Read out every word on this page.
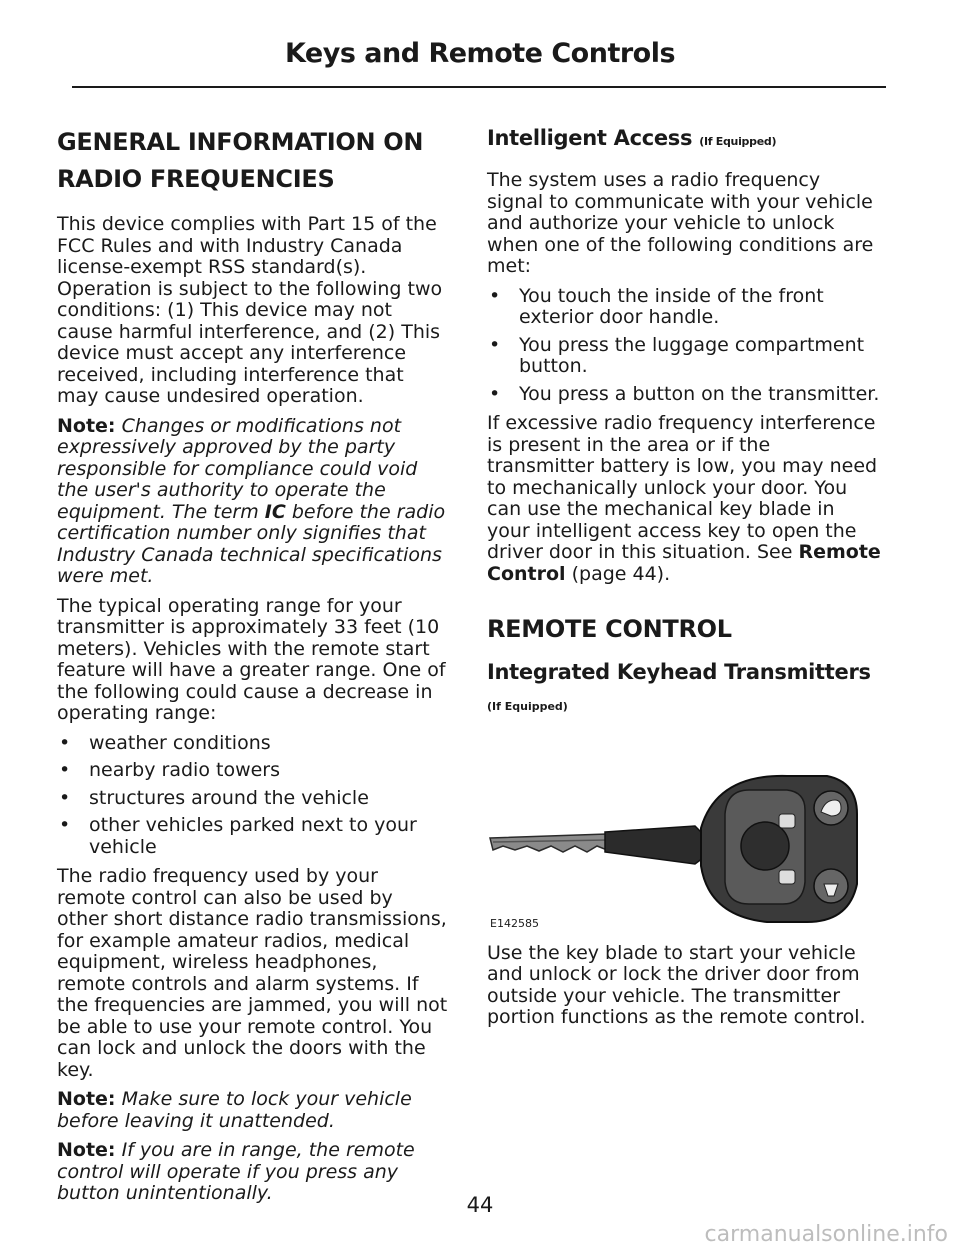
Keys and Remote Controls
GENERAL INFORMATION ON
RADIO FREQUENCIES

This device complies with Part 15 of the FCC Rules and with Industry Canada license-exempt RSS standard(s). Operation is subject to the following two conditions: (1) This device may not cause harmful interference, and (2) This device must accept any interference received, including interference that may cause undesired operation.

Note: Changes or modifications not expressively approved by the party responsible for compliance could void the user's authority to operate the equipment. The term IC before the radio certification number only signifies that Industry Canada technical specifications were met.

The typical operating range for your transmitter is approximately 33 feet (10 meters). Vehicles with the remote start feature will have a greater range. One of the following could cause a decrease in operating range:

• weather conditions
• nearby radio towers
• structures around the vehicle
• other vehicles parked next to your vehicle

The radio frequency used by your remote control can also be used by other short distance radio transmissions, for example amateur radios, medical equipment, wireless headphones, remote controls and alarm systems. If the frequencies are jammed, you will not be able to use your remote control. You can lock and unlock the doors with the key.

Note: Make sure to lock your vehicle before leaving it unattended.

Note: If you are in range, the remote control will operate if you press any button unintentionally.

Intelligent Access (If Equipped)

The system uses a radio frequency signal to communicate with your vehicle and authorize your vehicle to unlock when one of the following conditions are met:

• You touch the inside of the front exterior door handle.
• You press the luggage compartment button.
• You press a button on the transmitter.

If excessive radio frequency interference is present in the area or if the transmitter battery is low, you may need to mechanically unlock your door. You can use the mechanical key blade in your intelligent access key to open the driver door in this situation. See Remote Control (page 44).

REMOTE CONTROL
Integrated Keyhead Transmitters
(If Equipped)
E142585

Use the key blade to start your vehicle and unlock or lock the driver door from outside your vehicle. The transmitter portion functions as the remote control.

44
carmanualsonline.info
